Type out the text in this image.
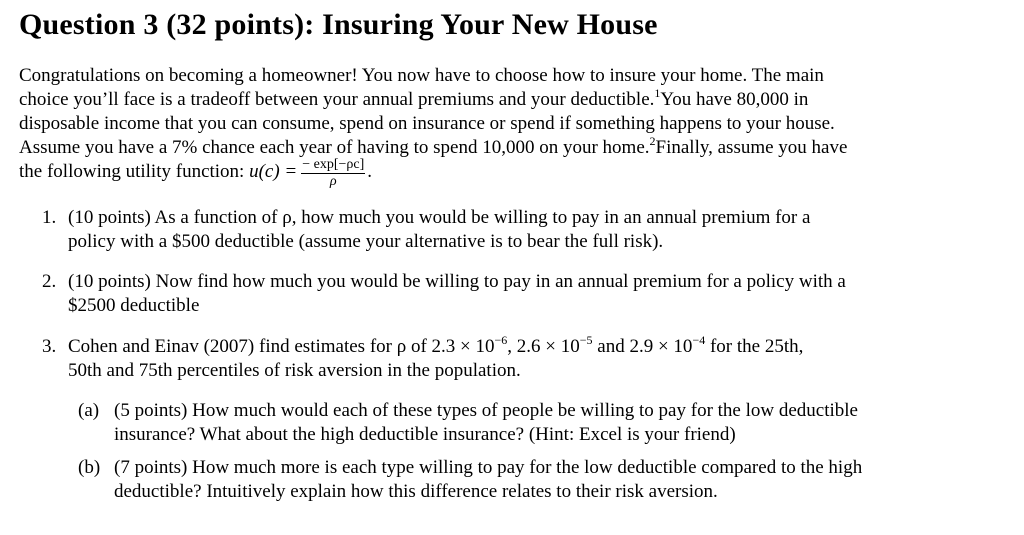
Question 3 (32 points): Insuring Your New House
Congratulations on becoming a homeowner! You now have to choose how to insure your home. The main
choice you’ll face is a tradeoff between your annual premiums and your deductible.$^1$You have 80,000 in
disposable income that you can consume, spend on insurance or spend if something happens to your house.
Assume you have a 7% chance each year of having to spend 10,000 on your home.$^2$Finally, assume you have
the following utility function: $u(c) = \frac{- \exp[-\rho c]}{\rho}$ .
1. (10 points) As a function of ρ, how much you would be willing to pay in an annual premium for a
policy with a $500 deductible (assume your alternative is to bear the full risk).
2. (10 points) Now find how much you would be willing to pay in an annual premium for a policy with a
$2500 deductible
3. Cohen and Einav (2007) find estimates for ρ of $2.3 \times 10^{-6}$, $2.6 \times 10^{-5}$ and $2.9 \times 10^{-4}$ for the 25th,
50th and 75th percentiles of risk aversion in the population.
(a) (5 points) How much would each of these types of people be willing to pay for the low deductible
insurance? What about the high deductible insurance? (Hint: Excel is your friend)
(b) (7 points) How much more is each type willing to pay for the low deductible compared to the high
deductible? Intuitively explain how this difference relates to their risk aversion.
